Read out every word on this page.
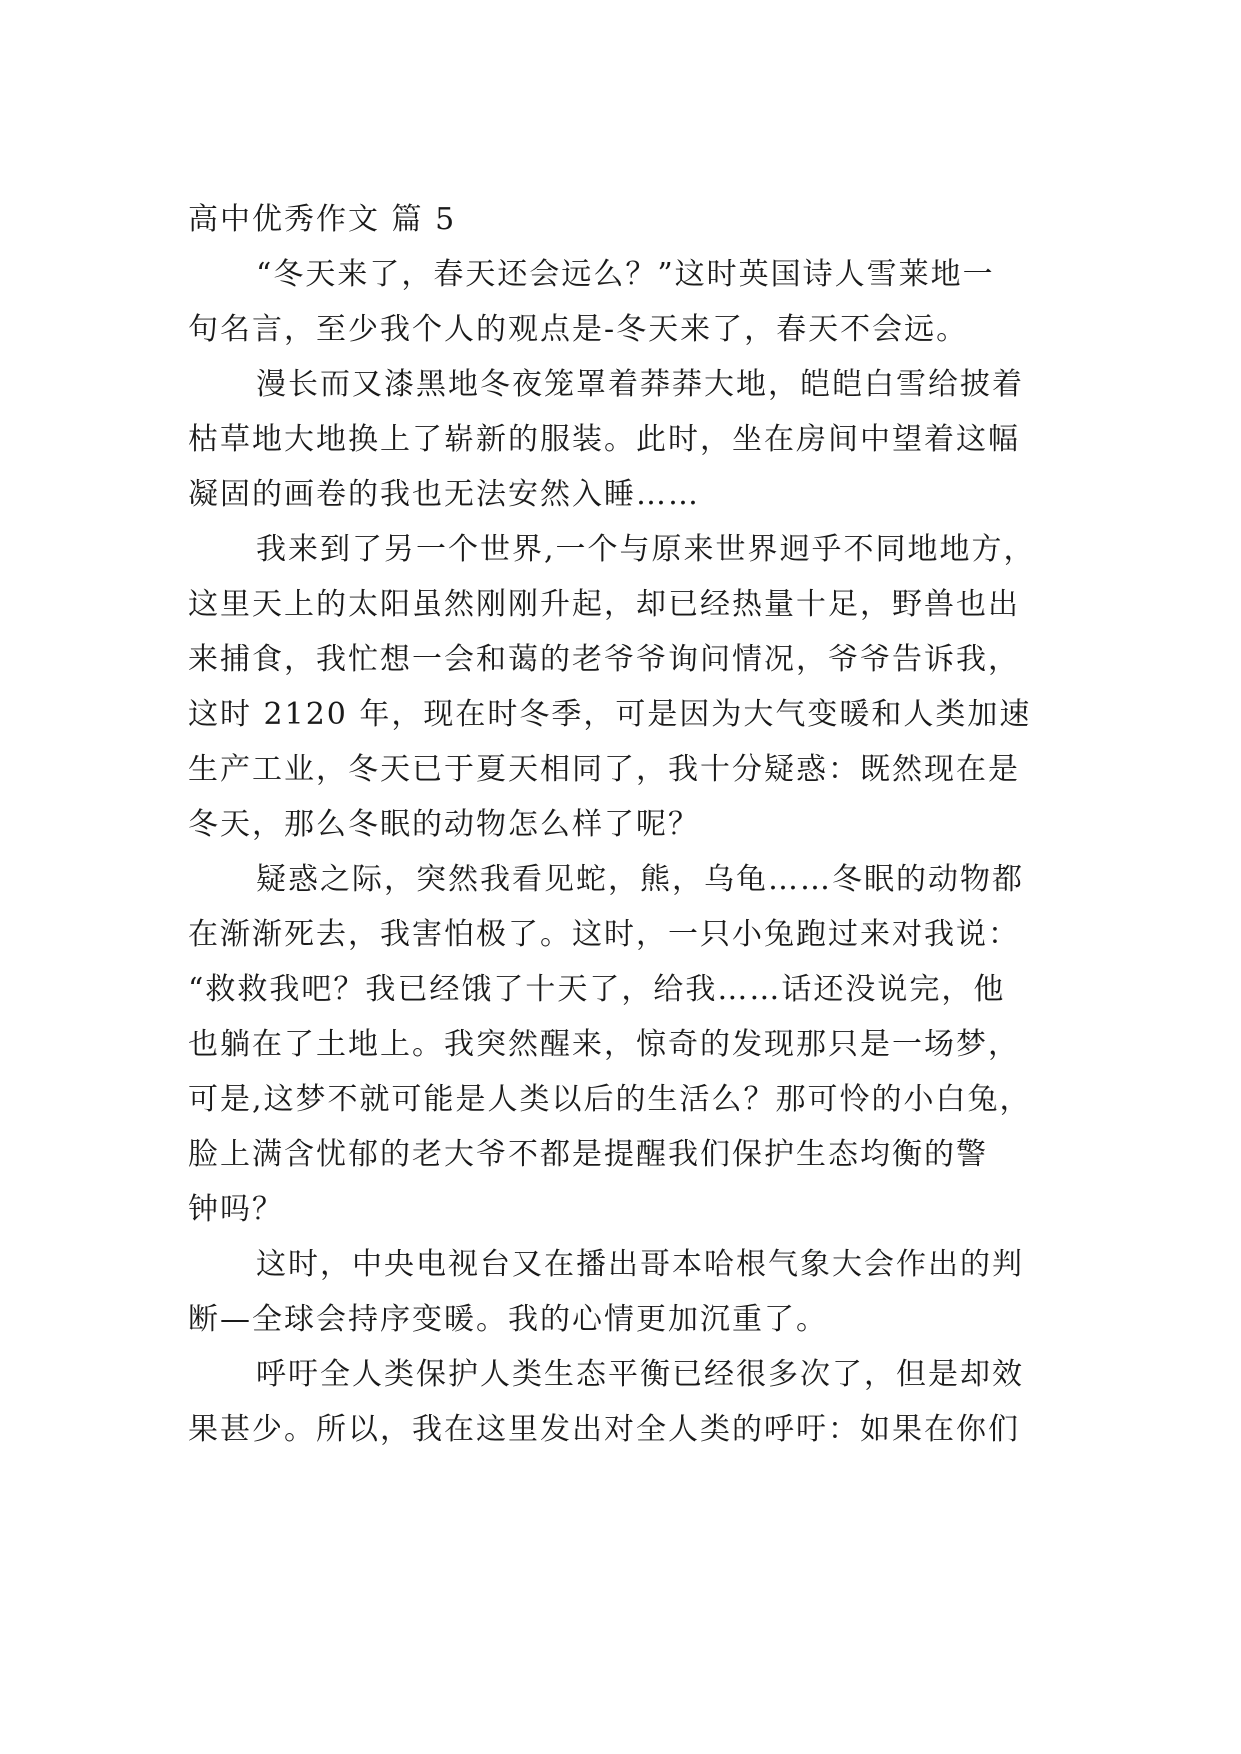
高中优秀作文 篇 5
“冬天来了，春天还会远么？”这时英国诗人雪莱地一
句名言，至少我个人的观点是-冬天来了，春天不会远。
漫长而又漆黑地冬夜笼罩着莽莽大地，皑皑白雪给披着
枯草地大地换上了崭新的服装。此时，坐在房间中望着这幅
凝固的画卷的我也无法安然入睡……
我来到了另一个世界,一个与原来世界迥乎不同地地方，
这里天上的太阳虽然刚刚升起，却已经热量十足，野兽也出
来捕食，我忙想一会和蔼的老爷爷询问情况，爷爷告诉我，
这时 2120 年，现在时冬季，可是因为大气变暖和人类加速
生产工业，冬天已于夏天相同了，我十分疑惑：既然现在是
冬天，那么冬眠的动物怎么样了呢？
疑惑之际，突然我看见蛇，熊，乌龟……冬眠的动物都
在渐渐死去，我害怕极了。这时，一只小兔跑过来对我说：
“救救我吧？我已经饿了十天了，给我……话还没说完，他
也躺在了土地上。我突然醒来，惊奇的发现那只是一场梦，
可是,这梦不就可能是人类以后的生活么？那可怜的小白兔，
脸上满含忧郁的老大爷不都是提醒我们保护生态均衡的警
钟吗？
这时，中央电视台又在播出哥本哈根气象大会作出的判
断—全球会持序变暖。我的心情更加沉重了。
呼吁全人类保护人类生态平衡已经很多次了，但是却效
果甚少。所以，我在这里发出对全人类的呼吁：如果在你们
